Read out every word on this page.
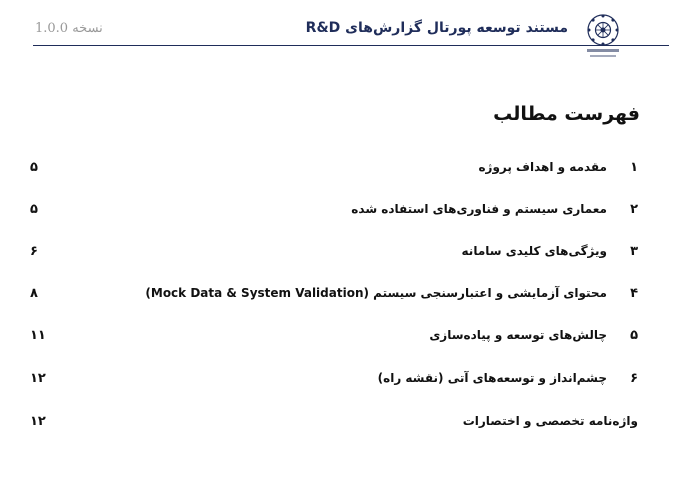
مستند توسعه پورتال گزارش‌های R&D
نسخه 1.0.0
فهرست مطالب
۱
مقدمه و اهداف پروژه
۵
۲
معماری سیستم و فناوری‌های استفاده شده
۵
۳
ویژگی‌های کلیدی سامانه
۶
۴
محتوای آزمایشی و اعتبارسنجی سیستم (Mock Data & System Validation)
۸
۵
چالش‌های توسعه و پیاده‌سازی
۱۱
۶
چشم‌انداز و توسعه‌های آتی (نقشه راه)
۱۲
واژه‌نامه تخصصی و اختصارات
۱۲
